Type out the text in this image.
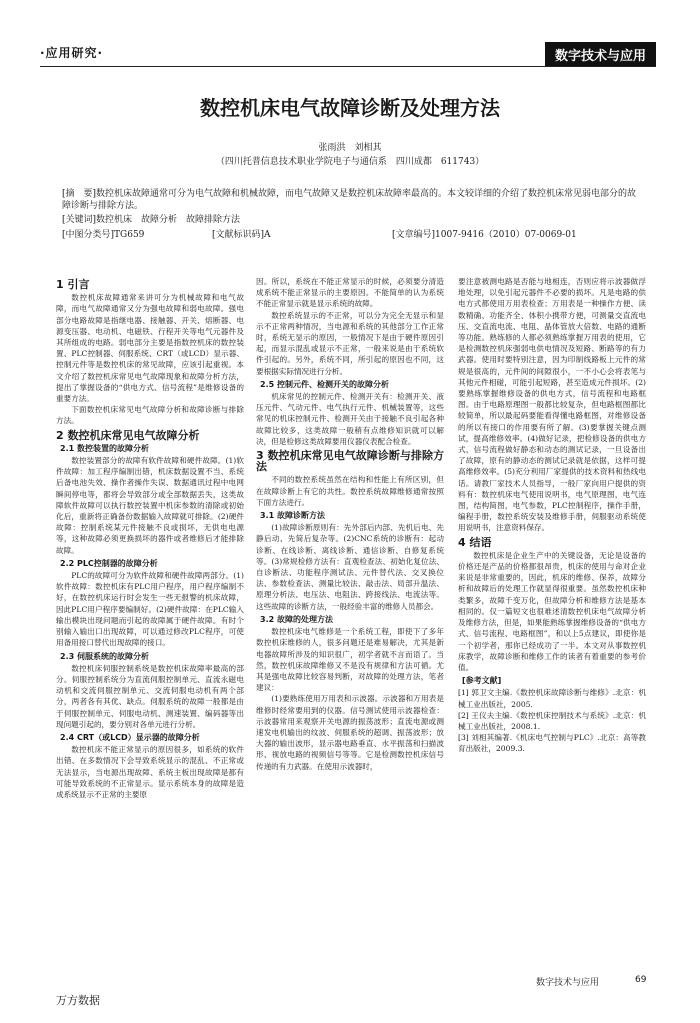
·应用研究·	数字技术与应用
数控机床电气故障诊断及处理方法
张雨洪　刘相其
（四川托普信息技术职业学院电子与通信系　四川成都　611743）
[摘　要]数控机床故障通常可分为电气故障和机械故障，而电气故障又是数控机床故障率最高的。本文较详细的介绍了数控机床常见弱电部分的故障诊断与排除方法。
[关键词]数控机床　故障分析　故障排除方法
[中图分类号]TG659	[文献标识码]A	[文章编号]1007-9416（2010）07-0069-01
1 引言

数控机床故障通常来讲可分为机械故障和电气故障，而电气故障通常又分为强电故障和弱电故障。强电部分电路故障是指继电器、接触器、开关、熔断器、电源变压器、电动机、电磁铁、行程开关等电气元器件及其所组成的电路。弱电部分主要是指数控机床的数控装置、PLC控制器、伺服系统、CRT（或LCD）显示器、控制元件等是数控机床的常见故障，应该引起重视。本文介绍了数控机床常见电气故障现象和故障分析方法，提出了掌握设备的“供电方式、信号流程”是维修设备的重要方法。

下面数控机床常见电气故障分析和故障诊断与排除方法。

2 数控机床常见电气故障分析
2.1 数控装置的故障分析

数控装置部分的故障有软件故障和硬件故障。(1)软件故障：加工程序编制出错，机床数据设置不当、系统后备电池失效、操作者操作失误、数据通讯过程中电网瞬间停电等，都将会导致部分或全部数据丢失，这类故障软件故障可以执行数控装置中机床参数的清除或初始化后，重新将正确备份数据输入故障就可排除。(2)硬件故障：控制系统某元件接触不良或损坏，无供电电源等，这种故障必须更换损坏的器件或者维修后才能排除故障。

2.2 PLC控制器的故障分析

PLC的故障可分为软件故障和硬件故障两部分。(1)软件故障：数控机床有PLC用户程序，用户程序编制不好，在数控机床运行时会发生一些无报警的机床故障，因此PLC用户程序要编制好。(2)硬件故障：在PLC输入输出模块出现问题而引起的故障属于硬件故障。有时个别输入输出口出现故障，可以通过修改PLC程序，可使用备用接口替代出现故障的接口。

2.3 伺服系统的故障分析

数控机床伺服控制系统是数控机床故障率最高的部分。伺服控制系统分为直流伺服控制单元、直流永磁电动机和交流伺服控制单元、交流伺服电动机有两个部分，两者各有其优、缺点。伺服系统的故障一般都是由于伺服控制单元、伺服电动机、测速装置、编码器等出现问题引起的，要分别对各单元进行分析。

2.4 CRT（或LCD）显示器的故障分析

数控机床不能正常显示的原因很多，如系统的软件出错、在多数情况下会导致系统显示的混乱、不正常或无法显示，当电源出现故障、系统主板出现故障是都有可能导致系统的不正常显示。显示系统本身的故障是造成系统显示不正常的主要原

因。所以，系统在不能正常显示的时候，必须要分清造成系统不能正常显示的主要原因。不能简单的认为系统不能正常显示就是显示系统的故障。

数控系统显示的不正常，可以分为完全无显示和显示不正常两种情况，当电源和系统的其他部分工作正常时，系统无显示的原因，一般情况下是由于硬件原因引起，而显示混乱或显示不正常，一般来说是由于系统软件引起的。另外，系统不同，所引起的原因也不同，这要根据实际情况进行分析。

2.5 控制元件、检测开关的故障分析

机床常见的控制元件、检测开关有：检测开关、液压元件、气动元件、电气执行元件、机械装置等，这些常见的机床控制元件、检测开关由于接触不良引起各种故障比较多，这类故障一般稍有点维修知识就可以解决，但是检修这类故障要用仪器仪表配合检查。

3 数控机床常见电气故障诊断与排除方法

不同的数控系统虽然在结构和性能上有所区别，但在故障诊断上有它的共性。数控系统故障维修通常按照下面方法进行。

3.1 故障诊断方法

(1)故障诊断原则有：先外部后内部、先机后电、先静后动、先简后复杂等。(2)CNC系统的诊断有：起动诊断、在线诊断、离线诊断、通信诊断、自修复系统等。(3)常规检修方法有：直观检查法、初始化复位法、自诊断法、功能程序测试法、元件替代法、交叉换位法、参数检查法、测量比较法、敲击法、局部升温法、原理分析法、电压法、电阻法、跨接线法、电流法等。这些故障的诊断方法，一般经验丰富的维修人员都会。

3.2 故障的处理方法

数控机床电气维修是一个系统工程，即使下了多年数控机床维修的人，很多问题还是难易解决，尤其是新电器故障所涉及的知识很广，初学者就不言而语了。当然，数控机床故障维修又不是没有规律和方法可循。尤其是强电故障比较容易判断，对故障的处理方法，笔者建议：

(1)要熟练使用万用表和示波器。示波器和万用表是维修时经常要用到的仪器。信号测试使用示波器检查：示波器常用来观察开关电源的振荡波形；直流电源或测速发电机输出的纹波、伺服系统的超调、振荡波形；放大器的输出波形，显示器电路垂直、水平振荡和扫描波形、视放电路的视频信号等等。它是检测数控机床信号传递的有力武器。在使用示波器时，

要注意被测电路是否能与地相连，否则应将示波器做浮地处理，以免引起元器件不必要的损坏。凡是电路的供电方式都使用万用表检查；万用表是一种操作方便、读数精确、功能齐全、体积小携带方便，可测量交直流电压、交直流电流、电阻、晶体管放大倍数、电路的通断等功能。熟练修的人都必须熟练掌握万用表的使用，它是检测数控机床强弱电供电情况及短路、断路等的有力武器。使用时要特别注意，因为印制线路板上元件的常规是很高的，元件间的间隙很小，一不小心会将表笔与其他元件相碰，可能引起短路，甚至造成元件损坏。(2)要熟练掌握维修设备的供电方式，信号流程和电路框图。由于电路原理图一般都比较复杂，但电路框图都比较简单，所以最起码要能看得懂电路框图，对维修设备的所以有接口的作用要有所了解。(3)要掌握关键点测试，提高维修效率。(4)做好记录，把检修设备的供电方式，信号流程做好静态和动态的测试记录，一旦设备出了故障，原有的静动态的测试记录就是依据，这样可提高维修效率。(5)充分利用厂家提供的技术资料和热线电话。请教厂家技术人员指导，一般厂家向用户提供的资料有：数控机床电气使用说明书，电气原理图，电气连图，结构简图，电气参数，PLC控制程序，操作手册，编程手册，数控系统安装及维修手册，伺服驱动系统使用说明书，注意资料保存。

4 结语

数控机床是企业生产中的关键设备，无论是设备的价格还是产品的价格都很昂贵，机床的使用与命对企业来说是非常重要的，因此，机床的维修、保养，故障分析和故障后的处理工作就显得很重要。虽然数控机床种类繁多，故障千变万化，但故障分析和维修方法是基本相同的。仅一篇短文也很难述清数控机床电气故障分析及维修方法，但是，如果能熟练掌握维修设备的“供电方式、信号流程、电路框图”，和以上5点建议，即使你是一个初学者，那你已经成功了一半。本文对从事数控机床教学，故障诊断和维修工作的读者有着重要的参考价值。

[参考文献]

[1] 郭卫文主编.《数控机床故障诊断与维修》.北京：机械工业出版社，2005.

[2] 王仪夫主编.《数控机床控制技术与系统》.北京：机械工业出版社，2008.1.

[3] 刘相其编著.《机床电气控制与PLC》.北京：高等教育出版社，2009.3.

数字技术与应用	69
万方数据
